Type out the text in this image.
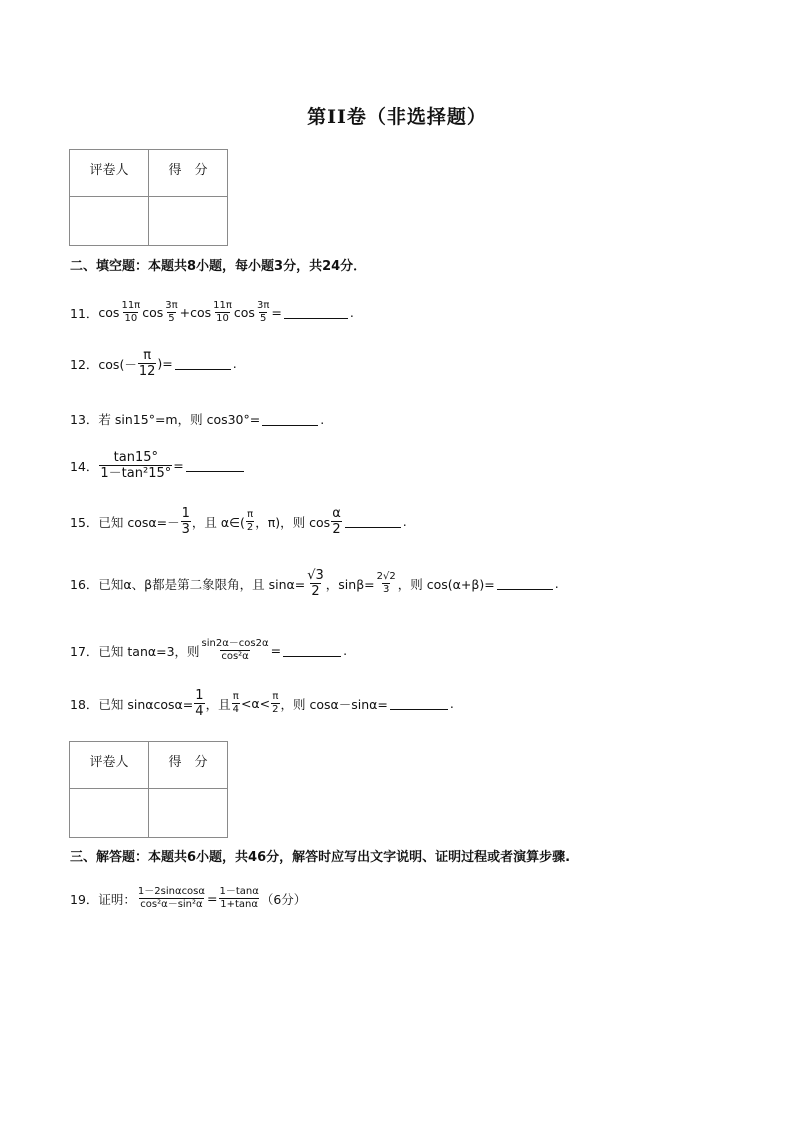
第II卷（非选择题）
评卷人	得　分

二、填空题：本题共8小题，每小题3分，共24分．
11． $\cos \frac{11\pi}{10}$ $\cos \frac{3\pi}{5} +\cos \frac{11\pi}{10}$ $\cos \frac{3\pi}{5}$ =	.
12． $\cos(- \frac{\pi}{12}$ )=	.
13．若 sin15°=m，则 cos30°=	.
14． $\frac{\tan 15^\circ}{\text{1－tan²15°}}$ =
15． 已知 $\cos\alpha=- \frac{1}{3}$ ，且 α∈( $\frac{\pi}{2}$ ，π)，则 $\cos \frac{\alpha}{2}$	.
16． 已知α、β都是第二象限角，且 $\sin\alpha= \frac{√3}{2}$ ，$\sin\beta= \frac{2√2}{3}$ ，则 cos(α+β)=	.
17． 已知 tanα=3，则 $\frac{\sin 2\alpha-\cos 2\alpha}{\text{cos²α}}$ =	.
18． 已知 $\sin\alpha\cos\alpha= \frac{1}{4}$ ，且 $\frac{\pi}{4} <\alpha< \frac{\pi}{2}$ ，则 cosα－sinα=	.
评卷人	得　分

三、解答题：本题共6小题，共46分，解答时应写出文字说明、证明过程或者演算步骤.
19． 证明： $\frac{1-2\sin\alpha\cos\alpha}{\text{cos²α－sin²α}} = \frac{1-\tan\alpha}{1+\tan\alpha} (6$分）
